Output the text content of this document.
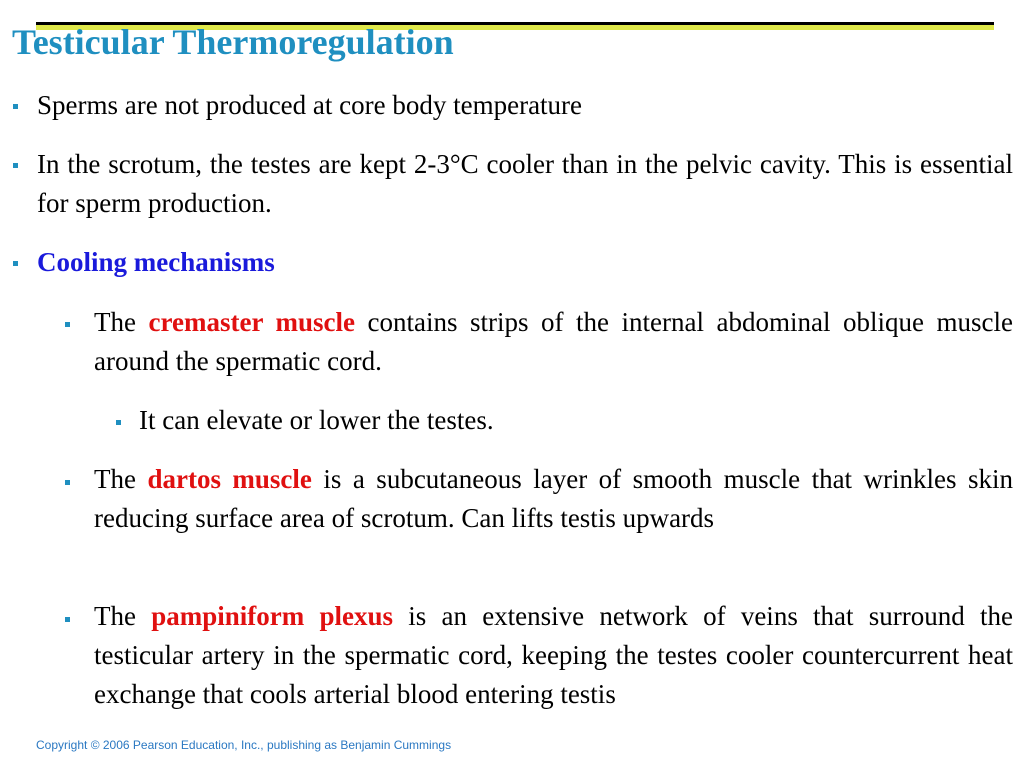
Testicular Thermoregulation
Sperms are not produced at core body temperature
In the scrotum, the testes are kept 2-3°C cooler than in the pelvic cavity. This is essential for sperm production.
Cooling mechanisms
The cremaster muscle contains strips of the internal abdominal oblique muscle around the spermatic cord.
It can elevate or lower the testes.
The dartos muscle is a subcutaneous layer of smooth muscle that wrinkles skin reducing surface area of scrotum. Can lifts testis upwards
The pampiniform plexus is an extensive network of veins that surround the testicular artery in the spermatic cord, keeping the testes cooler countercurrent heat exchange that cools arterial blood entering testis
Copyright © 2006 Pearson Education, Inc., publishing as Benjamin Cummings
